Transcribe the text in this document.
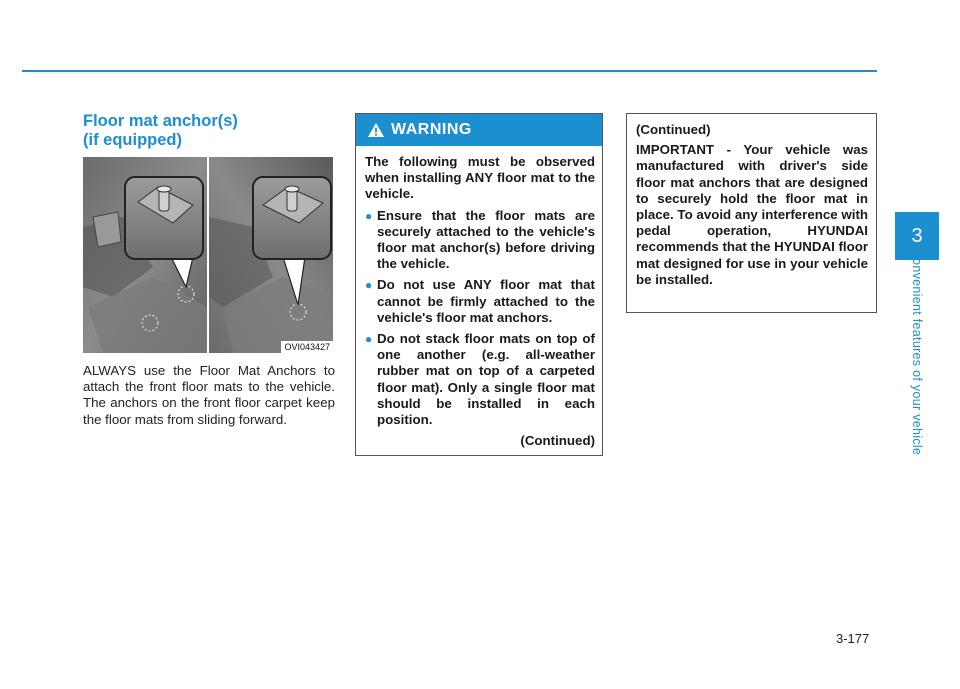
Floor mat anchor(s)
(if equipped)
OVI043427

ALWAYS use the Floor Mat Anchors to attach the front floor mats to the vehicle. The anchors on the front floor carpet keep the floor mats from sliding forward.

WARNING

The following must be observed when installing ANY floor mat to the vehicle.

● Ensure that the floor mats are securely attached to the vehicle's floor mat anchor(s) before driving the vehicle.
● Do not use ANY floor mat that cannot be firmly attached to the vehicle's floor mat anchors.
● Do not stack floor mats on top of one another (e.g. all-weather rubber mat on top of a carpeted floor mat). Only a single floor mat should be installed in each position.

(Continued)

(Continued)

IMPORTANT - Your vehicle was manufactured with driver's side floor mat anchors that are designed to securely hold the floor mat in place. To avoid any interference with pedal operation, HYUNDAI recommends that the HYUNDAI floor mat designed for use in your vehicle be installed.

3
Convenient features of your vehicle
3-177
